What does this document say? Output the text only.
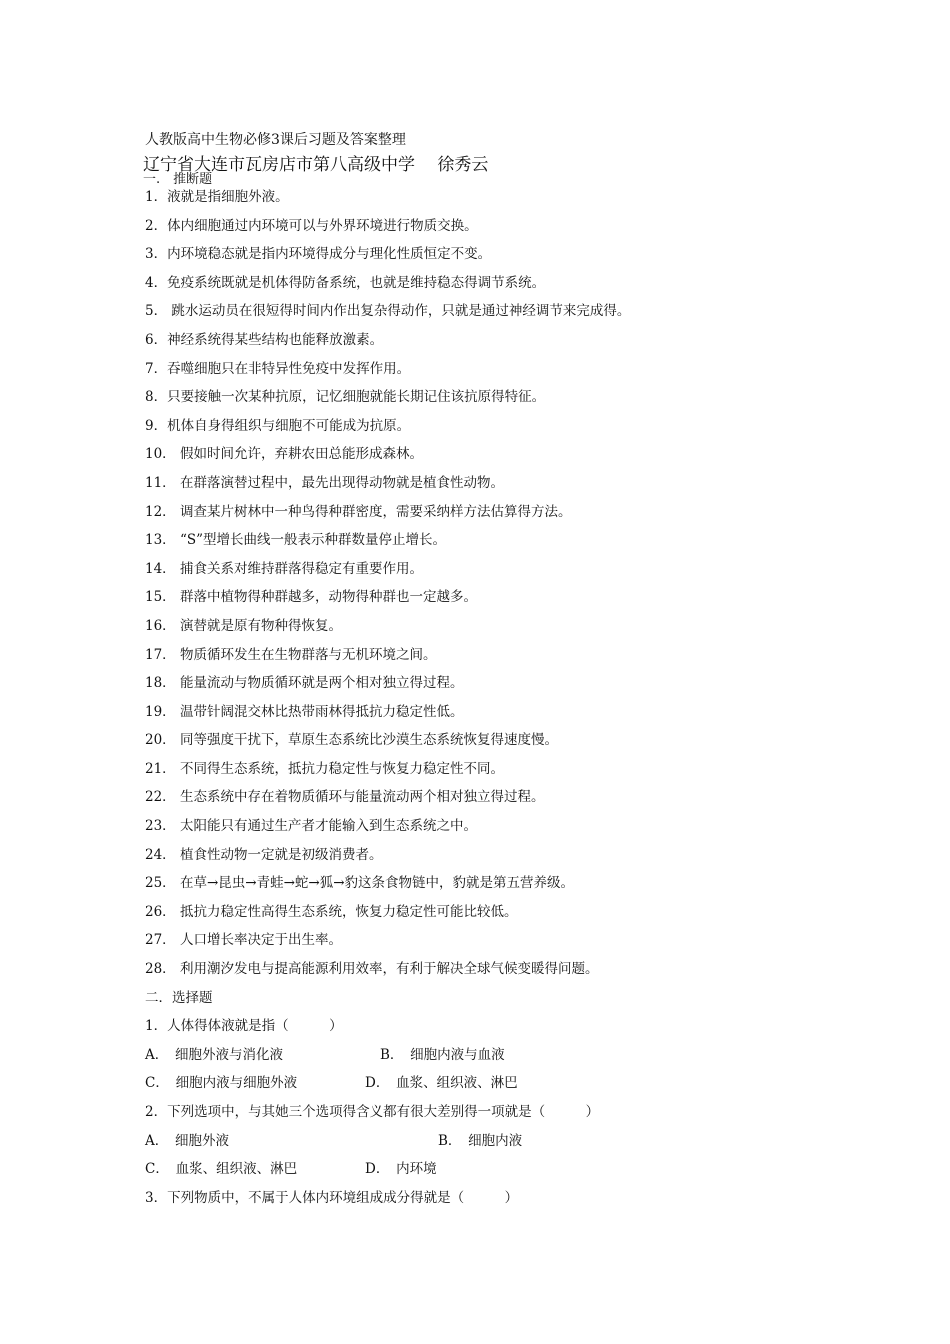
人教版高中生物必修3课后习题及答案整理
辽宁省大连市瓦房店市第八高级中学　 徐秀云
一.　推断题
1．液就是指细胞外液。
2．体内细胞通过内环境可以与外界环境进行物质交换。
3．内环境稳态就是指内环境得成分与理化性质恒定不变。
4．免疫系统既就是机体得防备系统，也就是维持稳态得调节系统。
5． 跳水运动员在很短得时间内作出复杂得动作，只就是通过神经调节来完成得。
6．神经系统得某些结构也能释放激素。
7．吞噬细胞只在非特异性免疫中发挥作用。
8．只要接触一次某种抗原，记忆细胞就能长期记住该抗原得特征。
9．机体自身得组织与细胞不可能成为抗原。
10． 假如时间允许，弃耕农田总能形成森林。
11． 在群落演替过程中，最先出现得动物就是植食性动物。
12． 调查某片树林中一种鸟得种群密度，需要采纳样方法估算得方法。
13． “S”型增长曲线一般表示种群数量停止增长。
14． 捕食关系对维持群落得稳定有重要作用。
15． 群落中植物得种群越多，动物得种群也一定越多。
16． 演替就是原有物种得恢复。
17． 物质循环发生在生物群落与无机环境之间。
18． 能量流动与物质循环就是两个相对独立得过程。
19． 温带针阔混交林比热带雨林得抵抗力稳定性低。
20． 同等强度干扰下，草原生态系统比沙漠生态系统恢复得速度慢。
21． 不同得生态系统，抵抗力稳定性与恢复力稳定性不同。
22． 生态系统中存在着物质循环与能量流动两个相对独立得过程。
23． 太阳能只有通过生产者才能输入到生态系统之中。
24． 植食性动物一定就是初级消费者。
25． 在草→昆虫→青蛙→蛇→狐→豹这条食物链中，豹就是第五营养级。
26． 抵抗力稳定性高得生态系统，恢复力稳定性可能比较低。
27． 人口增长率决定于出生率。
28． 利用潮汐发电与提高能源利用效率，有利于解决全球气候变暖得问题。
二．选择题
1．人体得体液就是指（　　　）
A．　细胞外液与消化液	B．　细胞内液与血液
C．　细胞内液与细胞外液	D．　血浆、组织液、淋巴
2．下列选项中，与其她三个选项得含义都有很大差别得一项就是（　　　）
A．　细胞外液	B．　细胞内液
C．　血浆、组织液、淋巴	D．　内环境
3．下列物质中，不属于人体内环境组成成分得就是（　　　）
